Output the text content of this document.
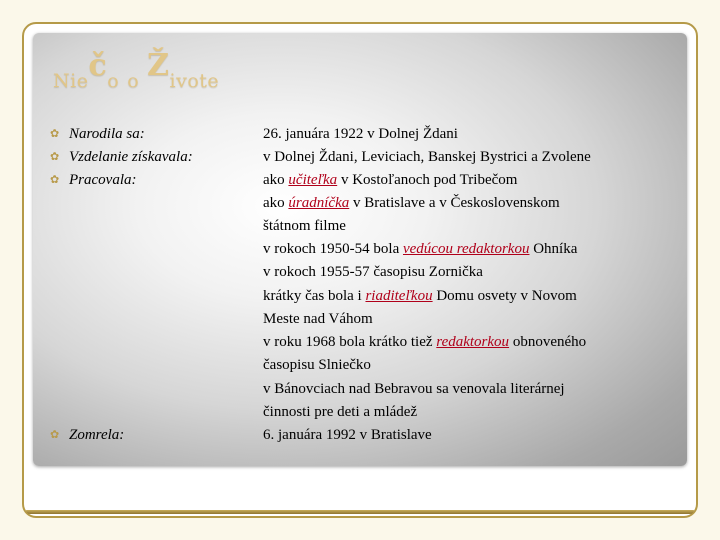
Niečo o Živote
✿ Narodila sa:
✿ Vzdelanie získavala:
✿ Pracovala:
✿ Zomrela:
26. januára 1922 v Dolnej Ždani
v Dolnej Ždani, Leviciach, Banskej Bystrici a Zvolene
ako učiteľka v Kostoľanoch pod Tribečom
ako úradníčka v Bratislave a v Československom
štátnom filme
v rokoch 1950-54 bola vedúcou redaktorkou Ohníka
v rokoch 1955-57 časopisu Zornička
krátky čas bola i riaditeľkou Domu osvety v Novom
Meste nad Váhom
v roku 1968 bola krátko tiež redaktorkou obnoveného
časopisu Slniečko
v Bánovciach nad Bebravou sa venovala literárnej
činnosti pre deti a mládež
6. januára 1992 v Bratislave
